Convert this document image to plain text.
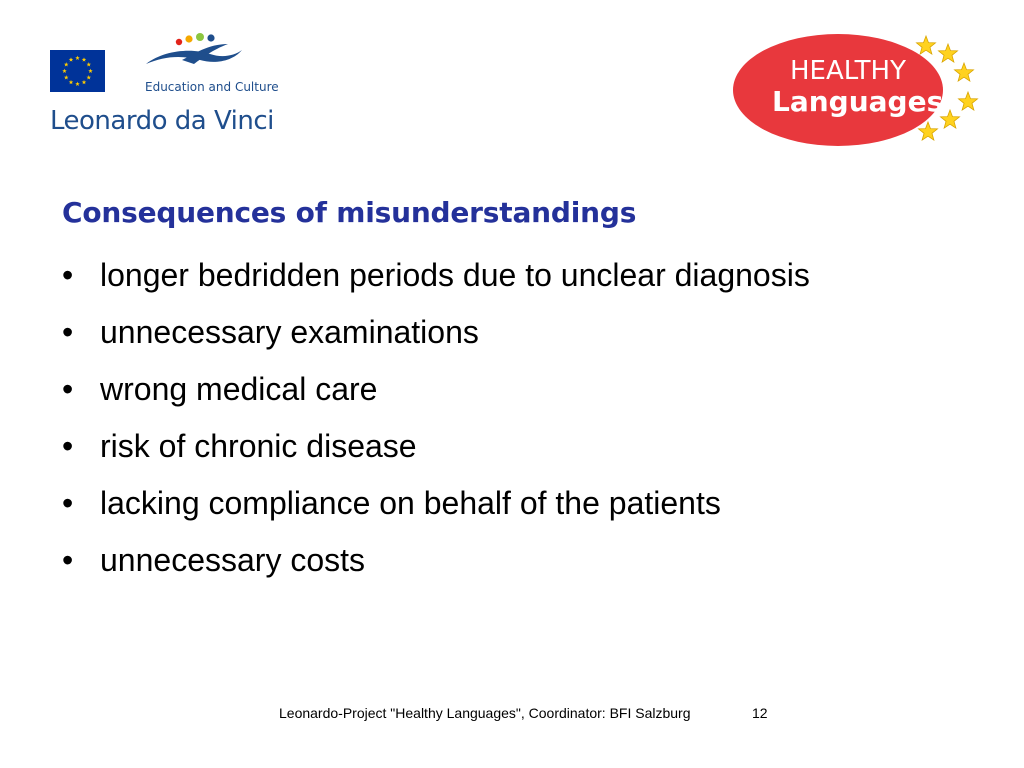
Education and Culture
Leonardo da Vinci
HEALTHY
Languages
Consequences of misunderstandings
• longer bedridden periods due to unclear diagnosis
• unnecessary examinations
• wrong medical care
• risk of chronic disease
• lacking compliance on behalf of the patients
• unnecessary costs
Leonardo-Project "Healthy Languages", Coordinator: BFI Salzburg	12
